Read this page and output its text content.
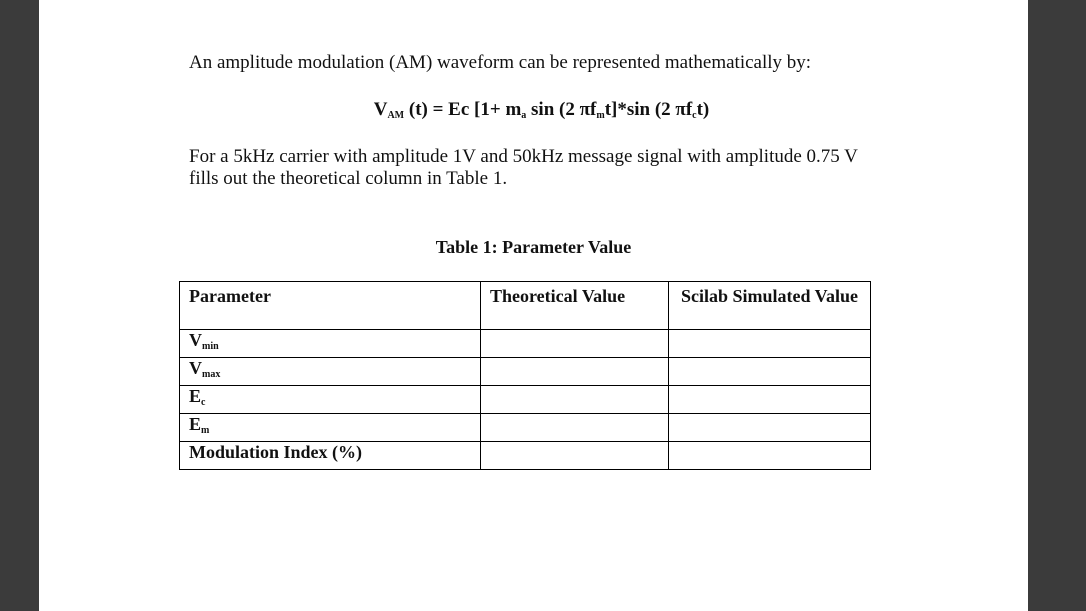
An amplitude modulation (AM) waveform can be represented mathematically by:

$V_{AM}$ (t) = Ec [$1+ m_a$ sin (2 $\pi f_mt]*\sin$ (2 $\pi f_ct$)

For a 5kHz carrier with amplitude 1V and 50kHz message signal with amplitude 0.75 V fills out the theoretical column in Table 1.

Table 1: Parameter Value

Parameter	Theoretical Value	Scilab Simulated Value
$V_{min}$		
$V_{max}$		
$E_c$		
$E_m$		
Modulation Index (%)		
